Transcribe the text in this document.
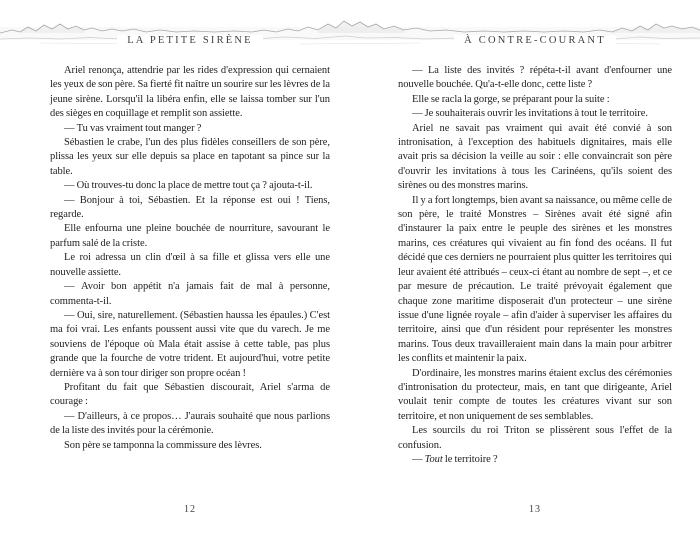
LA PETITE SIRÈNE	À CONTRE-COURANT

Ariel renonça, attendrie par les rides d'expression qui cernaient les yeux de son père. Sa fierté fit naître un sourire sur les lèvres de la jeune sirène. Lorsqu'il la libéra enfin, elle se laissa tomber sur l'un des sièges en coquillage et remplit son assiette.

— Tu vas vraiment tout manger ?

Sébastien le crabe, l'un des plus fidèles conseillers de son père, plissa les yeux sur elle depuis sa place en tapotant sa pince sur la table.

— Où trouves-tu donc la place de mettre tout ça ? ajouta-t-il.

— Bonjour à toi, Sébastien. Et la réponse est oui ! Tiens, regarde.

Elle enfourna une pleine bouchée de nourriture, savourant le parfum salé de la criste.

Le roi adressa un clin d'œil à sa fille et glissa vers elle une nouvelle assiette.

— Avoir bon appétit n'a jamais fait de mal à personne, commenta-t-il.

— Oui, sire, naturellement. (Sébastien haussa les épaules.) C'est ma foi vrai. Les enfants poussent aussi vite que du varech. Je me souviens de l'époque où Mala était assise à cette table, pas plus grande que la fourche de votre trident. Et aujourd'hui, votre petite dernière va à son tour diriger son propre océan !

Profitant du fait que Sébastien discourait, Ariel s'arma de courage :

— D'ailleurs, à ce propos… J'aurais souhaité que nous parlions de la liste des invités pour la cérémonie.

Son père se tamponna la commissure des lèvres.

— La liste des invités ? répéta-t-il avant d'enfourner une nouvelle bouchée. Qu'a-t-elle donc, cette liste ?

Elle se racla la gorge, se préparant pour la suite :

— Je souhaiterais ouvrir les invitations à tout le territoire.

Ariel ne savait pas vraiment qui avait été convié à son intronisation, à l'exception des habituels dignitaires, mais elle avait pris sa décision la veille au soir : elle convaincrait son père d'ouvrir les invitations à tous les Carinéens, qu'ils soient des sirènes ou des monstres marins.

Il y a fort longtemps, bien avant sa naissance, ou même celle de son père, le traité Monstres – Sirènes avait été signé afin d'instaurer la paix entre le peuple des sirènes et les monstres marins, ces créatures qui vivaient au fin fond des océans. Il fut décidé que ces derniers ne pourraient plus quitter les territoires qui leur avaient été attribués – ceux-ci étant au nombre de sept –, et ce par mesure de précaution. Le traité prévoyait également que chaque zone maritime disposerait d'un protecteur – une sirène issue d'une lignée royale – afin d'aider à superviser les affaires du territoire, ainsi que d'un résident pour représenter les monstres marins. Tous deux travailleraient main dans la main pour arbitrer les conflits et maintenir la paix.

D'ordinaire, les monstres marins étaient exclus des cérémonies d'intronisation du protecteur, mais, en tant que dirigeante, Ariel voulait tenir compte de toutes les créatures vivant sur son territoire, et non uniquement de ses semblables.

Les sourcils du roi Triton se plissèrent sous l'effet de la confusion.

— Tout le territoire ?

12	13
